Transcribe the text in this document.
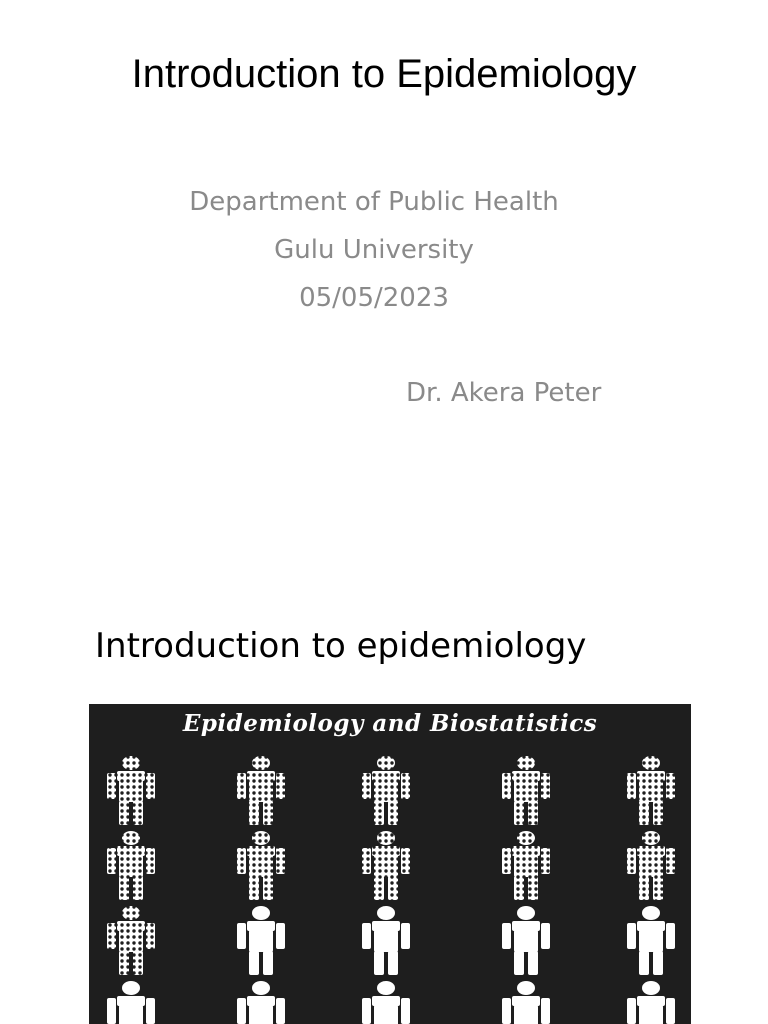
Introduction to Epidemiology
Department of Public Health
Gulu University
05/05/2023
Dr. Akera Peter
Introduction to epidemiology
Epidemiology and Biostatistics
